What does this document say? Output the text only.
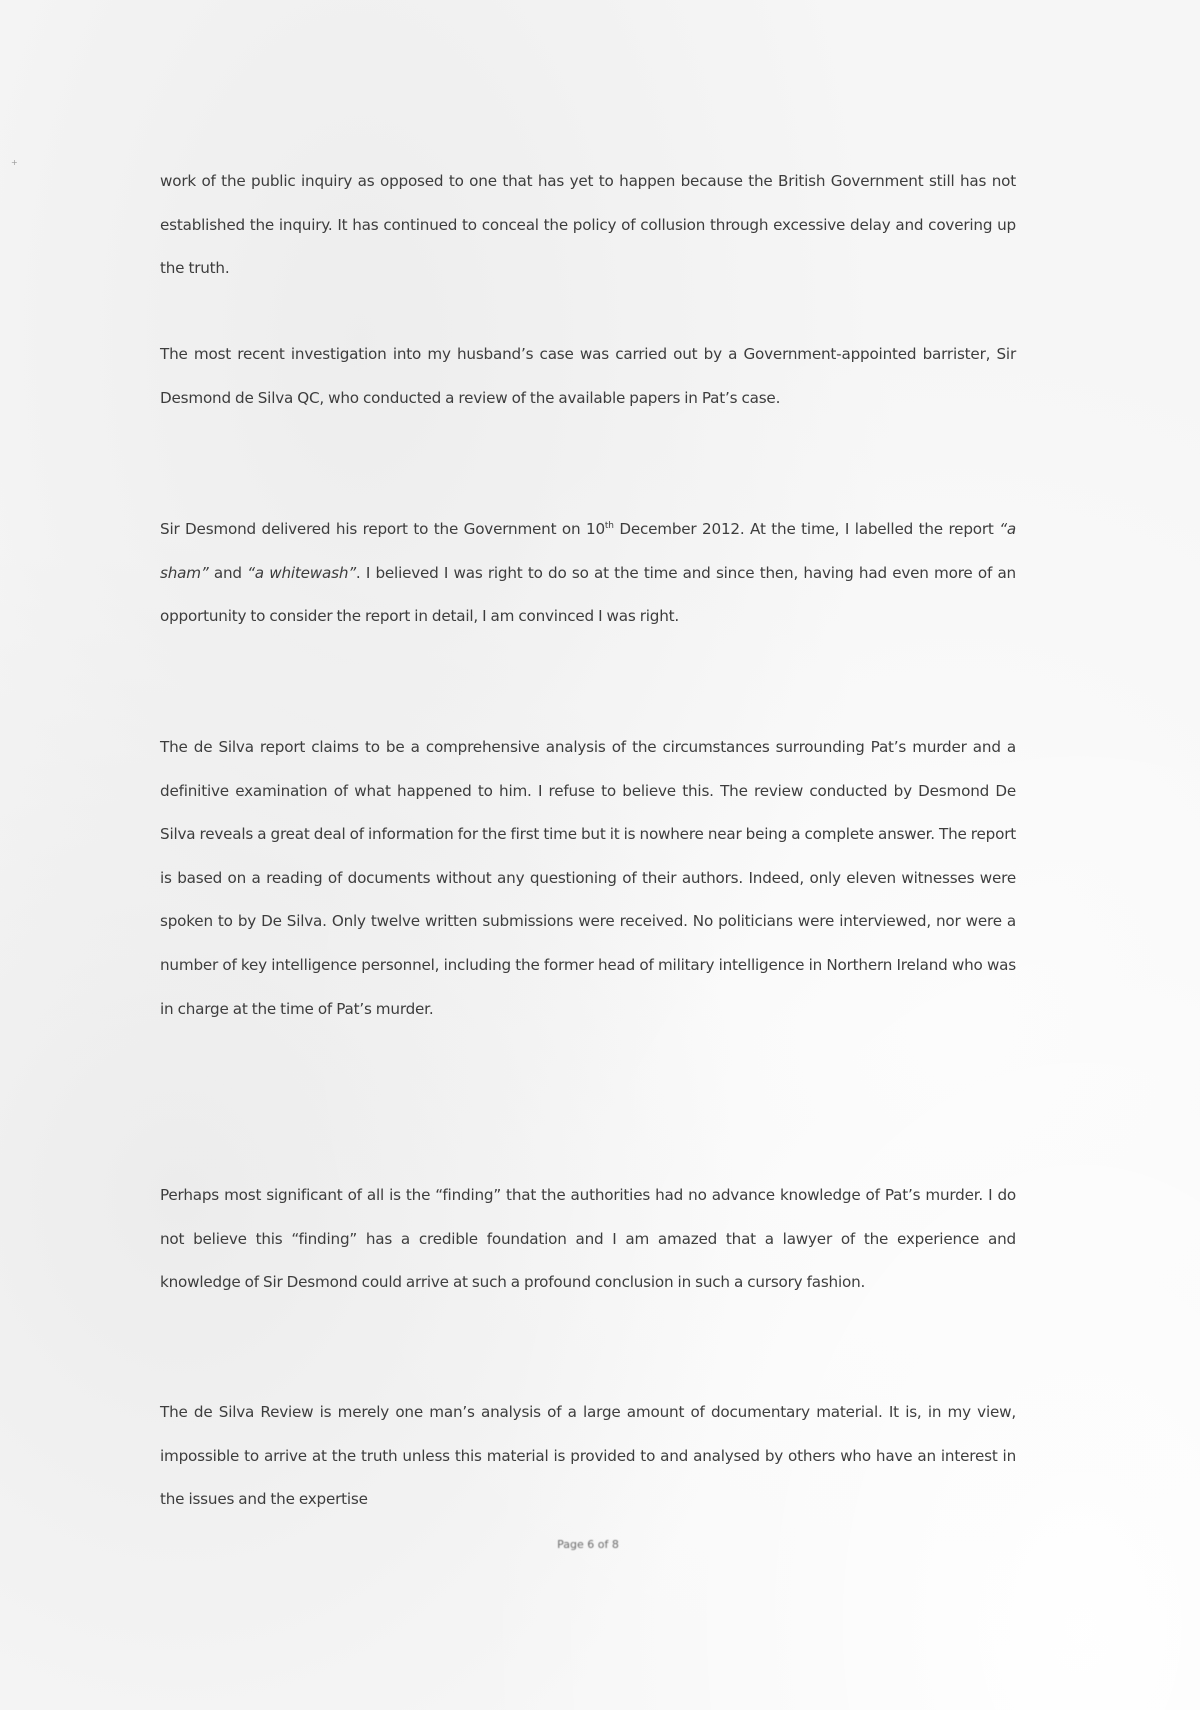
+

work of the public inquiry as opposed to one that has yet to happen because the British Government still has not established the inquiry. It has continued to conceal the policy of collusion through excessive delay and covering up the truth.

The most recent investigation into my husband’s case was carried out by a Government-appointed barrister, Sir Desmond de Silva QC, who conducted a review of the available papers in Pat’s case.

Sir Desmond delivered his report to the Government on 10th December 2012. At the time, I labelled the report “a sham” and “a whitewash”. I believed I was right to do so at the time and since then, having had even more of an opportunity to consider the report in detail, I am convinced I was right.

The de Silva report claims to be a comprehensive analysis of the circumstances surrounding Pat’s murder and a definitive examination of what happened to him. I refuse to believe this. The review conducted by Desmond De Silva reveals a great deal of information for the first time but it is nowhere near being a complete answer. The report is based on a reading of documents without any questioning of their authors. Indeed, only eleven witnesses were spoken to by De Silva. Only twelve written submissions were received. No politicians were interviewed, nor were a number of key intelligence personnel, including the former head of military intelligence in Northern Ireland who was in charge at the time of Pat’s murder.

Perhaps most significant of all is the “finding” that the authorities had no advance knowledge of Pat’s murder. I do not believe this “finding” has a credible foundation and I am amazed that a lawyer of the experience and knowledge of Sir Desmond could arrive at such a profound conclusion in such a cursory fashion.

The de Silva Review is merely one man’s analysis of a large amount of documentary material. It is, in my view, impossible to arrive at the truth unless this material is provided to and analysed by others who have an interest in the issues and the expertise

Page 6 of 8
